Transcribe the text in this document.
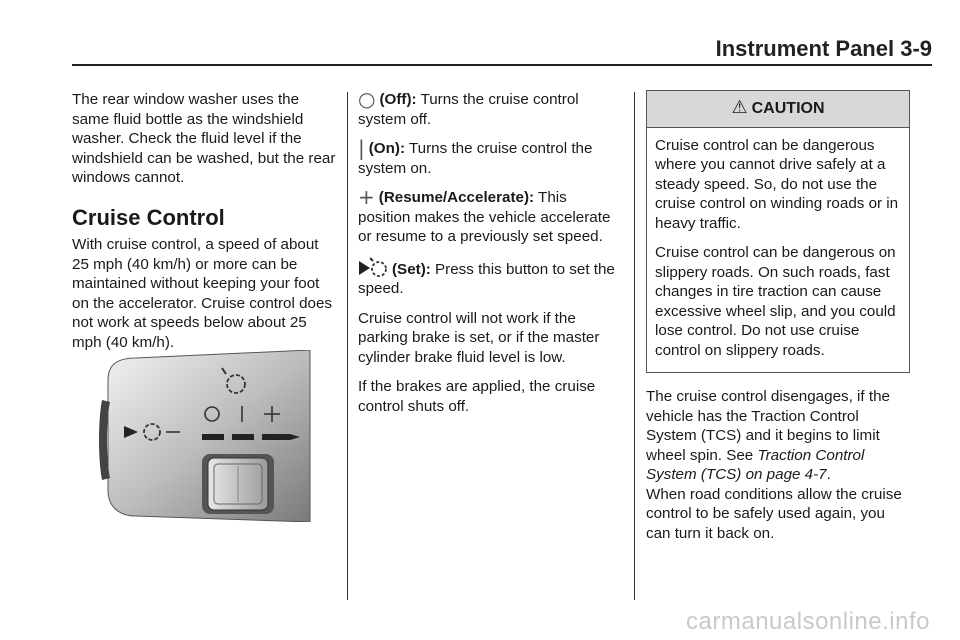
Instrument Panel 3-9

The rear window washer uses the same fluid bottle as the windshield washer. Check the fluid level if the windshield can be washed, but the rear windows cannot.

Cruise Control

With cruise control, a speed of about 25 mph (40 km/h) or more can be maintained without keeping your foot on the accelerator. Cruise control does not work at speeds below about 25 mph (40 km/h).

○ (Off): Turns the cruise control system off.

| (On): Turns the cruise control the system on.

+ (Resume/Accelerate): This position makes the vehicle accelerate or resume to a previously set speed.

(Set): Press this button to set the speed.

Cruise control will not work if the parking brake is set, or if the master cylinder brake fluid level is low.

If the brakes are applied, the cruise control shuts off.

⚠ CAUTION

Cruise control can be dangerous where you cannot drive safely at a steady speed. So, do not use the cruise control on winding roads or in heavy traffic.

Cruise control can be dangerous on slippery roads. On such roads, fast changes in tire traction can cause excessive wheel slip, and you could lose control. Do not use cruise control on slippery roads.

The cruise control disengages, if the vehicle has the Traction Control System (TCS) and it begins to limit wheel spin. See Traction Control System (TCS) on page 4-7.

When road conditions allow the cruise control to be safely used again, you can turn it back on.

carmanualsonline.info
